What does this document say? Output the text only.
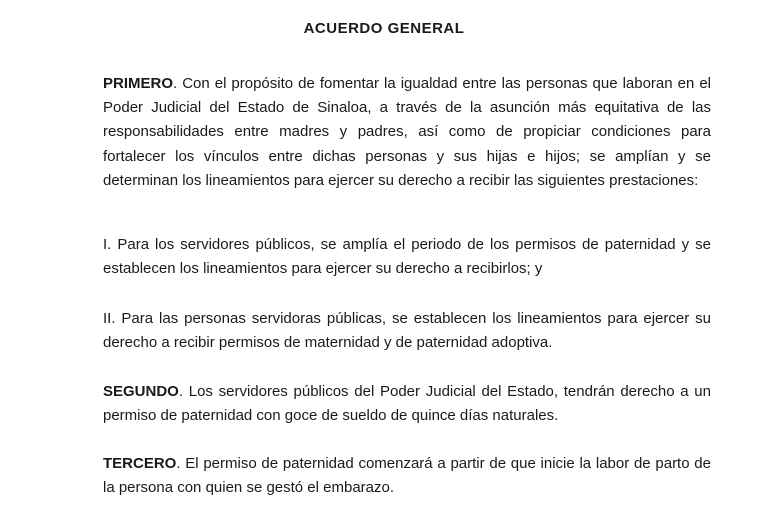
ACUERDO GENERAL

PRIMERO. Con el propósito de fomentar la igualdad entre las personas que laboran en el Poder Judicial del Estado de Sinaloa, a través de la asunción más equitativa de las responsabilidades entre madres y padres, así como de propiciar condiciones para fortalecer los vínculos entre dichas personas y sus hijas e hijos; se amplían y se determinan los lineamientos para ejercer su derecho a recibir las siguientes prestaciones:

I. Para los servidores públicos, se amplía el periodo de los permisos de paternidad y se establecen los lineamientos para ejercer su derecho a recibirlos; y

II. Para las personas servidoras públicas, se establecen los lineamientos para ejercer su derecho a recibir permisos de maternidad y de paternidad adoptiva.

SEGUNDO. Los servidores públicos del Poder Judicial del Estado, tendrán derecho a un permiso de paternidad con goce de sueldo de quince días naturales.

TERCERO. El permiso de paternidad comenzará a partir de que inicie la labor de parto de la persona con quien se gestó el embarazo.
